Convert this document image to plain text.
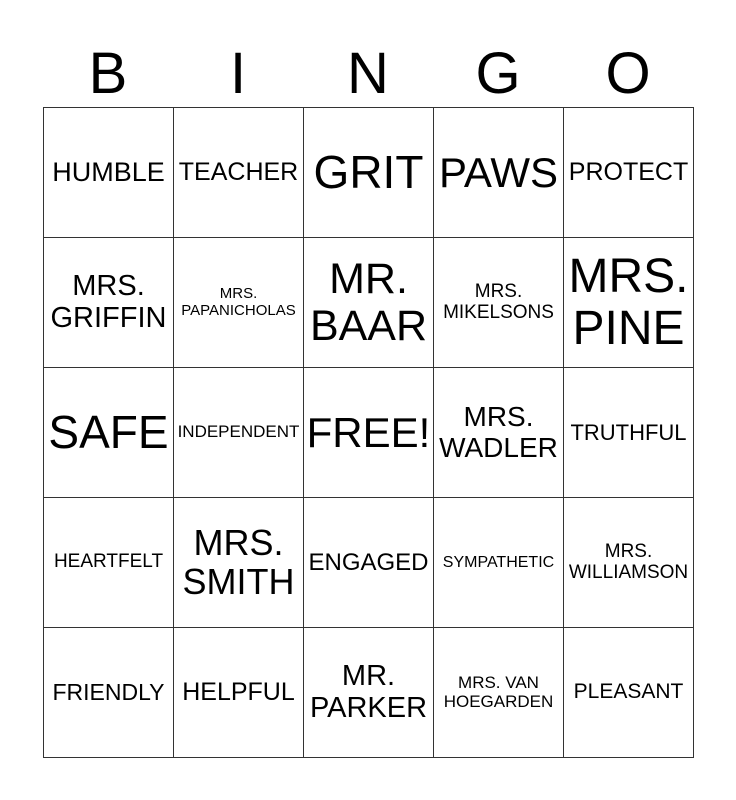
B	I	N	G	O
HUMBLE	TEACHER	GRIT	PAWS	PROTECT
MRS. GRIFFIN	MRS. PAPANICHOLAS	MR. BAAR	MRS. MIKELSONS	MRS. PINE
SAFE	INDEPENDENT	FREE!	MRS. WADLER	TRUTHFUL
HEARTFELT	MRS. SMITH	ENGAGED	SYMPATHETIC	MRS. WILLIAMSON
FRIENDLY	HELPFUL	MR. PARKER	MRS. VAN HOEGARDEN	PLEASANT
